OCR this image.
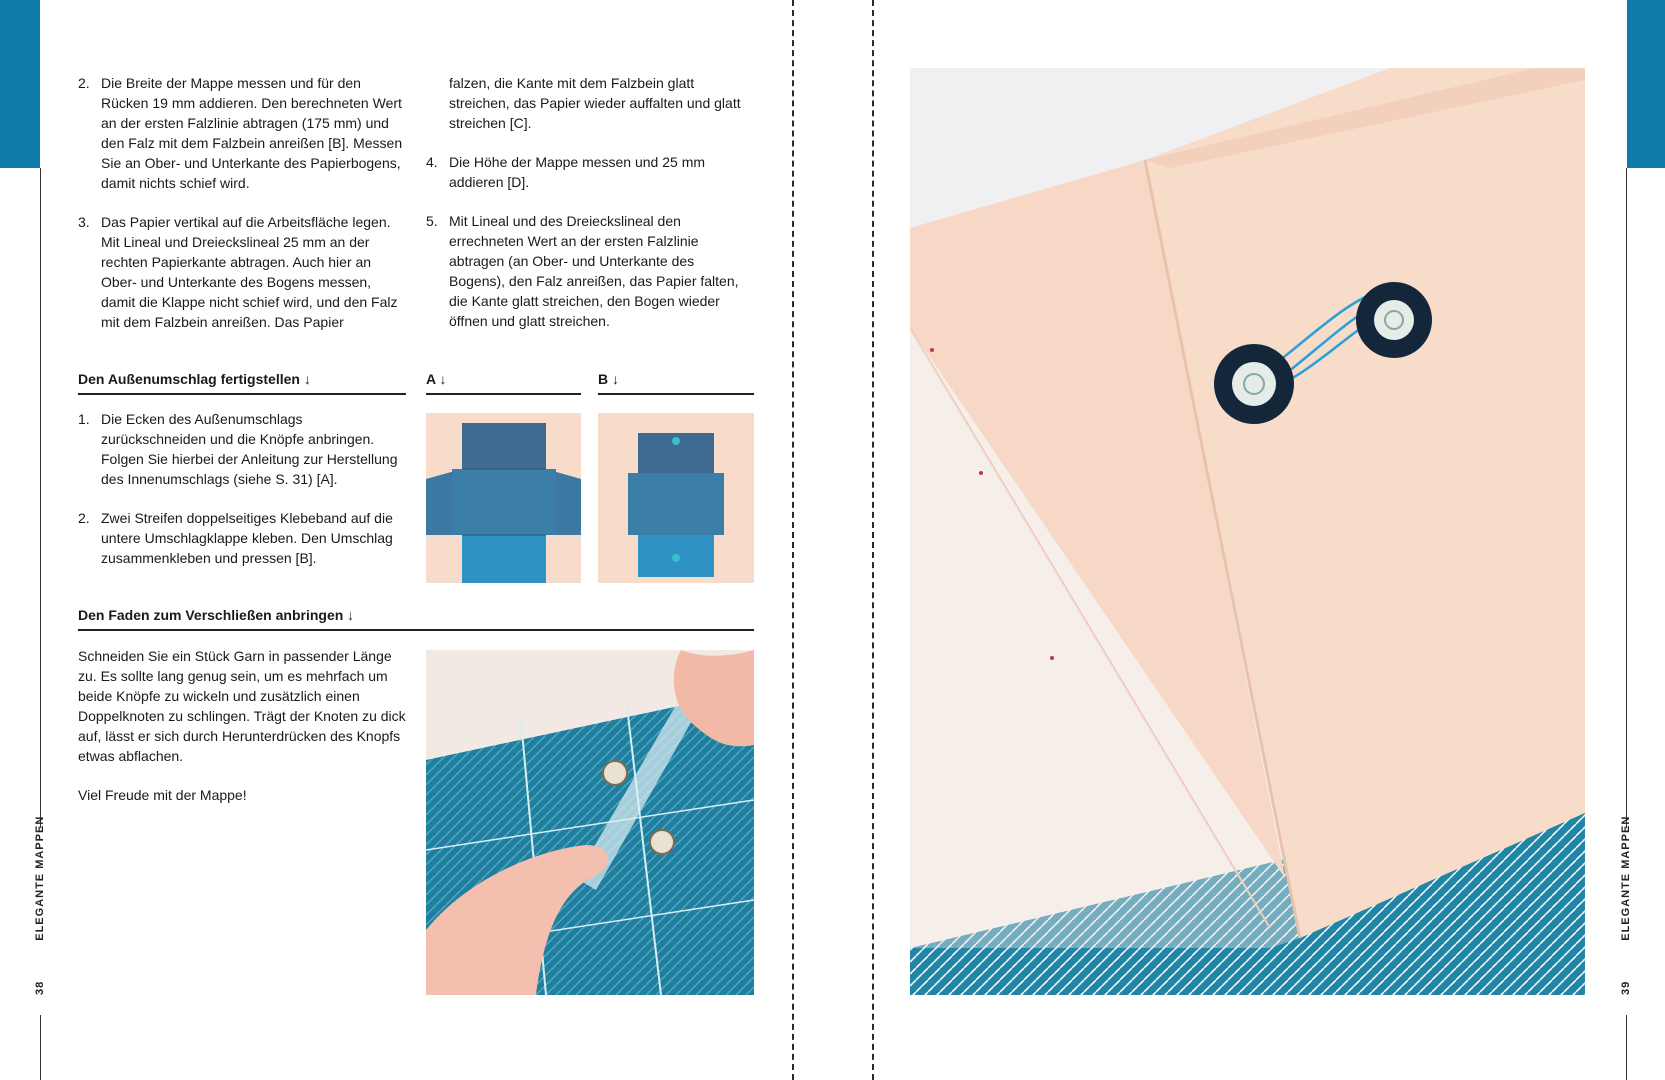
38ELEGANTE MAPPEN
39ELEGANTE MAPPEN
2. Die Breite der Mappe messen und für den Rücken 19 mm addieren. Den berechneten Wert an der ersten Falzlinie abtragen (175 mm) und den Falz mit dem Falzbein anreißen [B]. Messen Sie an Ober- und Unterkante des Papierbogens, damit nichts schief wird.
3. Das Papier vertikal auf die Arbeitsfläche legen. Mit Lineal und Dreieckslineal 25 mm an der rechten Papierkante abtragen. Auch hier an Ober- und Unterkante des Bogens messen, damit die Klappe nicht schief wird, und den Falz mit dem Falzbein anreißen. Das Papier
falzen, die Kante mit dem Falzbein glatt streichen, das Papier wieder auffalten und glatt streichen [C].
4. Die Höhe der Mappe messen und 25 mm addieren [D].
5. Mit Lineal und des Dreieckslineal den errechneten Wert an der ersten Falzlinie abtragen (an Ober- und Unterkante des Bogens), den Falz anreißen, das Papier falten, die Kante glatt streichen, den Bogen wieder öffnen und glatt streichen.
Den Außenumschlag fertigstellen ↓	A ↓	B ↓
1. Die Ecken des Außenumschlags zurückschneiden und die Knöpfe anbringen. Folgen Sie hierbei der Anleitung zur Herstellung des Innenumschlags (siehe S. 31) [A].
2. Zwei Streifen doppelseitiges Klebeband auf die untere Umschlagklappe kleben. Den Umschlag zusammenkleben und pressen [B].
Den Faden zum Verschließen anbringen ↓

Schneiden Sie ein Stück Garn in passender Länge zu. Es sollte lang genug sein, um es mehrfach um beide Knöpfe zu wickeln und zusätzlich einen Doppelknoten zu schlingen. Trägt der Knoten zu dick auf, lässt er sich durch Herunterdrücken des Knopfs etwas abflachen.

Viel Freude mit der Mappe!
